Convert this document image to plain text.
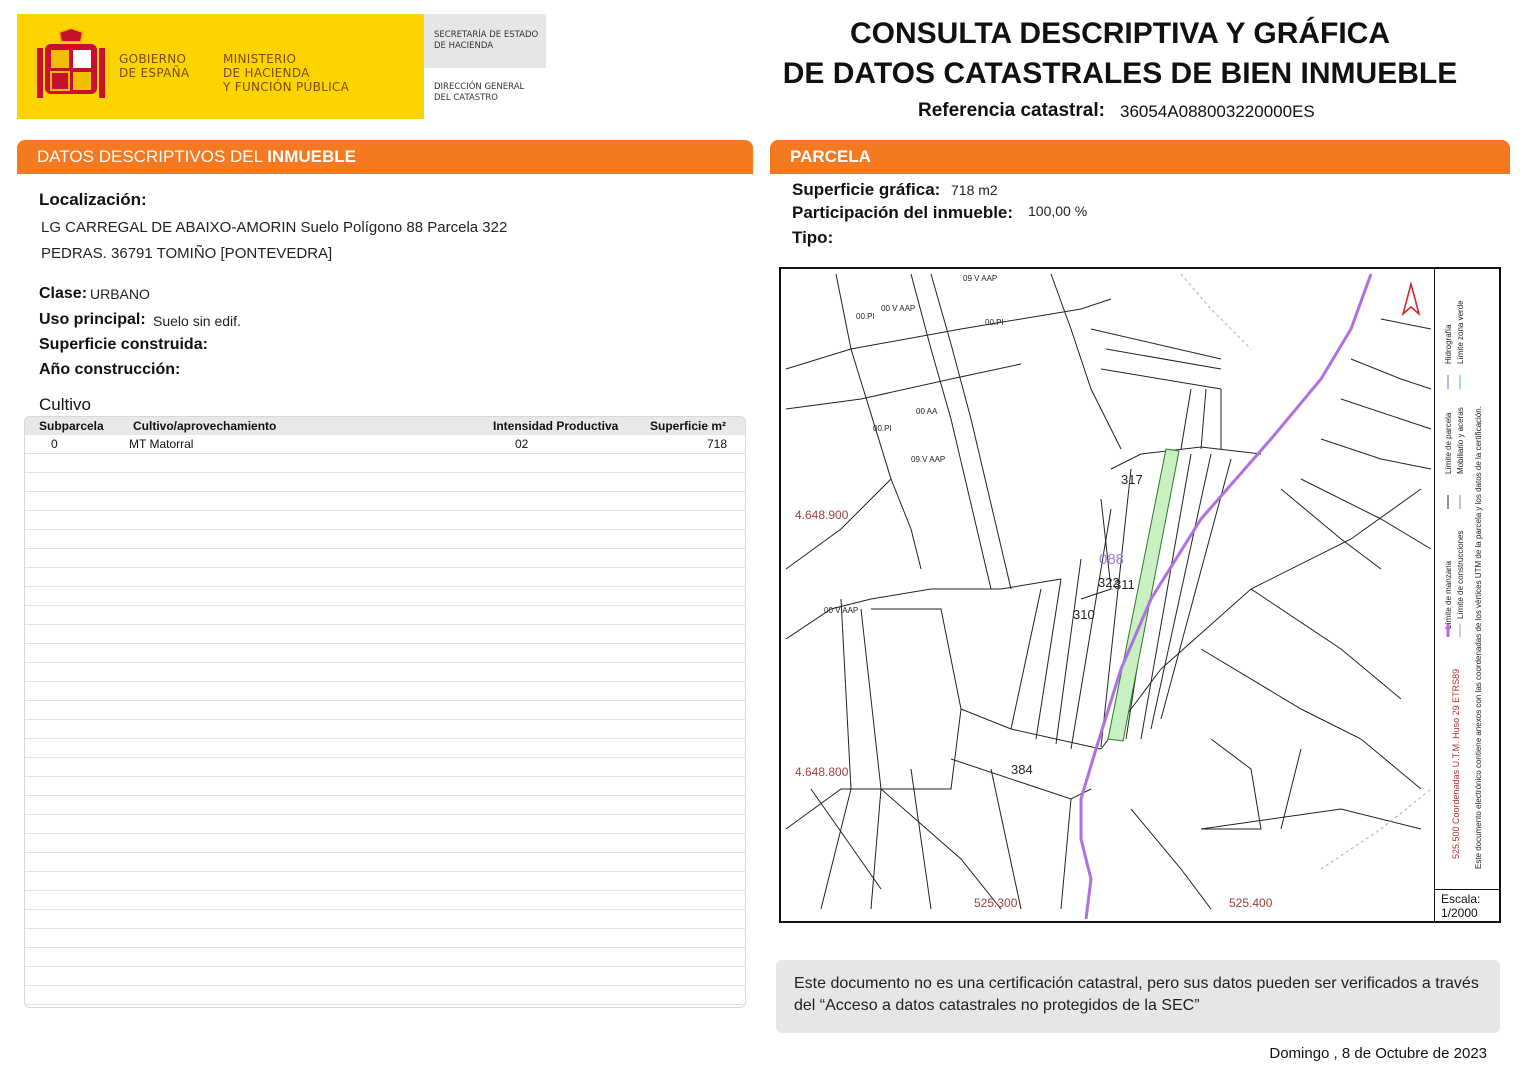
GOBIERNO
DE ESPAÑA
MINISTERIO
DE HACIENDA
Y FUNCIÓN PÚBLICA
SECRETARÍA DE ESTADO
DE HACIENDA
DIRECCIÓN GENERAL
DEL CATASTRO
CONSULTA DESCRIPTIVA Y GRÁFICA
DE DATOS CATASTRALES DE BIEN INMUEBLE
Referencia catastral: 36054A088003220000ES
DATOS DESCRIPTIVOS DEL INMUEBLE	PARCELA
Localización:
LG CARREGAL DE ABAIXO-AMORIN Suelo Polígono 88 Parcela 322
PEDRAS. 36791 TOMIÑO [PONTEVEDRA]
Clase: URBANO
Uso principal: Suelo sin edif.
Superficie construida:
Año construcción:
Cultivo
Subparcela Cultivo/aprovechamiento	Intensidad Productiva	Superficie m²
0	MT Matorral	02	718
Superficie gráfica: 718 m2
Participación del inmueble: 100,00 %
Tipo:
317
322
311
310
384
088
4.648.900
4.648.800
525.300	525.400
09 V AAP
00 V AAP
09.V AAP
00 V AAP
00.PI
00.PI
00.PI
00 AA
Límite de manzana
Límite de parcela
Límite de construcciones
Mobiliario y aceras
Hidrografía Límite zona verde
Este documento electrónico contiene anexos con las coordenadas de los vértices UTM de la parcela y los datos de la certificación.
525.500 Coordenadas U.T.M. Huso 29 ETRS89
Escala:
1/2000
Este documento no es una certificación catastral, pero sus datos pueden ser verificados a través del “Acceso a datos catastrales no protegidos de la SEC”
Domingo , 8 de Octubre de 2023
